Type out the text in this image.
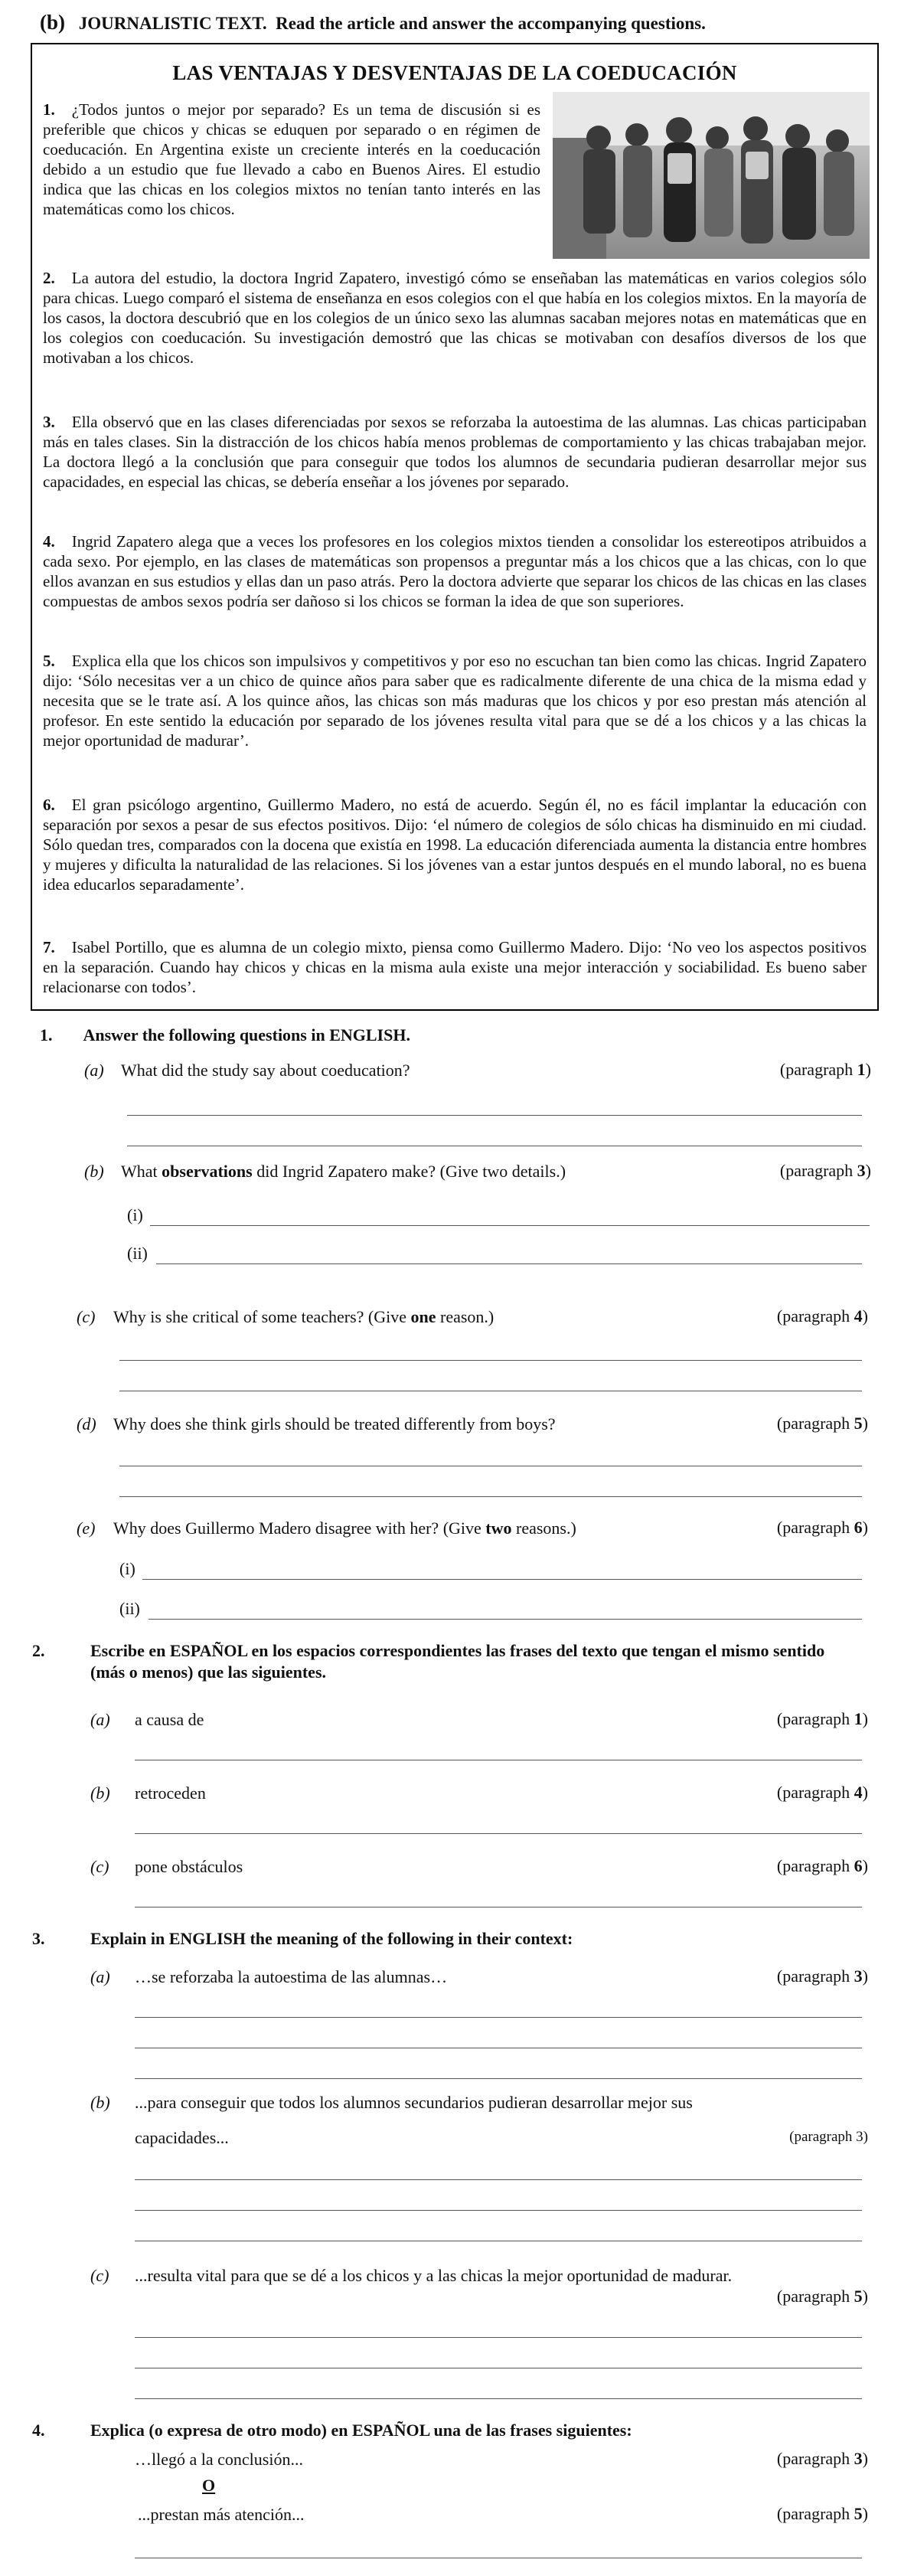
(b) JOURNALISTIC TEXT. Read the article and answer the accompanying questions.
LAS VENTAJAS Y DESVENTAJAS DE LA COEDUCACIÓN
1. ¿Todos juntos o mejor por separado? Es un tema de discusión si es preferible que chicos y chicas se eduquen por separado o en régimen de coeducación. En Argentina existe un creciente interés en la coeducación debido a un estudio que fue llevado a cabo en Buenos Aires. El estudio indica que las chicas en los colegios mixtos no tenían tanto interés en las matemáticas como los chicos.
2. La autora del estudio, la doctora Ingrid Zapatero, investigó cómo se enseñaban las matemáticas en varios colegios sólo para chicas. Luego comparó el sistema de enseñanza en esos colegios con el que había en los colegios mixtos. En la mayoría de los casos, la doctora descubrió que en los colegios de un único sexo las alumnas sacaban mejores notas en matemáticas que en los colegios con coeducación. Su investigación demostró que las chicas se motivaban con desafíos diversos de los que motivaban a los chicos.
3. Ella observó que en las clases diferenciadas por sexos se reforzaba la autoestima de las alumnas. Las chicas participaban más en tales clases. Sin la distracción de los chicos había menos problemas de comportamiento y las chicas trabajaban mejor. La doctora llegó a la conclusión que para conseguir que todos los alumnos de secundaria pudieran desarrollar mejor sus capacidades, en especial las chicas, se debería enseñar a los jóvenes por separado.
4. Ingrid Zapatero alega que a veces los profesores en los colegios mixtos tienden a consolidar los estereotipos atribuidos a cada sexo. Por ejemplo, en las clases de matemáticas son propensos a preguntar más a los chicos que a las chicas, con lo que ellos avanzan en sus estudios y ellas dan un paso atrás. Pero la doctora advierte que separar los chicos de las chicas en las clases compuestas de ambos sexos podría ser dañoso si los chicos se forman la idea de que son superiores.
5. Explica ella que los chicos son impulsivos y competitivos y por eso no escuchan tan bien como las chicas. Ingrid Zapatero dijo: ‘Sólo necesitas ver a un chico de quince años para saber que es radicalmente diferente de una chica de la misma edad y necesita que se le trate así. A los quince años, las chicas son más maduras que los chicos y por eso prestan más atención al profesor. En este sentido la educación por separado de los jóvenes resulta vital para que se dé a los chicos y a las chicas la mejor oportunidad de madurar’.
6. El gran psicólogo argentino, Guillermo Madero, no está de acuerdo. Según él, no es fácil implantar la educación con separación por sexos a pesar de sus efectos positivos. Dijo: ‘el número de colegios de sólo chicas ha disminuido en mi ciudad. Sólo quedan tres, comparados con la docena que existía en 1998. La educación diferenciada aumenta la distancia entre hombres y mujeres y dificulta la naturalidad de las relaciones. Si los jóvenes van a estar juntos después en el mundo laboral, no es buena idea educarlos separadamente’.
7. Isabel Portillo, que es alumna de un colegio mixto, piensa como Guillermo Madero. Dijo: ‘No veo los aspectos positivos en la separación. Cuando hay chicos y chicas en la misma aula existe una mejor interacción y sociabilidad. Es bueno saber relacionarse con todos’.
1. Answer the following questions in ENGLISH.
(a) What did the study say about coeducation?	(paragraph 1)
(b) What observations did Ingrid Zapatero make? (Give two details.)	(paragraph 3)
(i)
(ii)
(c) Why is she critical of some teachers? (Give one reason.)	(paragraph 4)
(d) Why does she think girls should be treated differently from boys?	(paragraph 5)
(e) Why does Guillermo Madero disagree with her? (Give two reasons.)	(paragraph 6)
(i)
(ii)
2.	Escribe en ESPAÑOL en los espacios correspondientes las frases del texto que tengan el mismo sentido (más o menos) que las siguientes.
(a) a causa de	(paragraph 1)
(b) retroceden	(paragraph 4)
(c) pone obstáculos	(paragraph 6)
3.	Explain in ENGLISH the meaning of the following in their context:
(a) …se reforzaba la autoestima de las alumnas…	(paragraph 3)
(b) ...para conseguir que todos los alumnos secundarios pudieran desarrollar mejor sus
capacidades...	(paragraph 3)
(c) ...resulta vital para que se dé a los chicos y a las chicas la mejor oportunidad de madurar.
(paragraph 5)
4.	Explica (o expresa de otro modo) en ESPAÑOL una de las frases siguientes:
…llegó a la conclusión...	(paragraph 3)
O
...prestan más atención...	(paragraph 5)
